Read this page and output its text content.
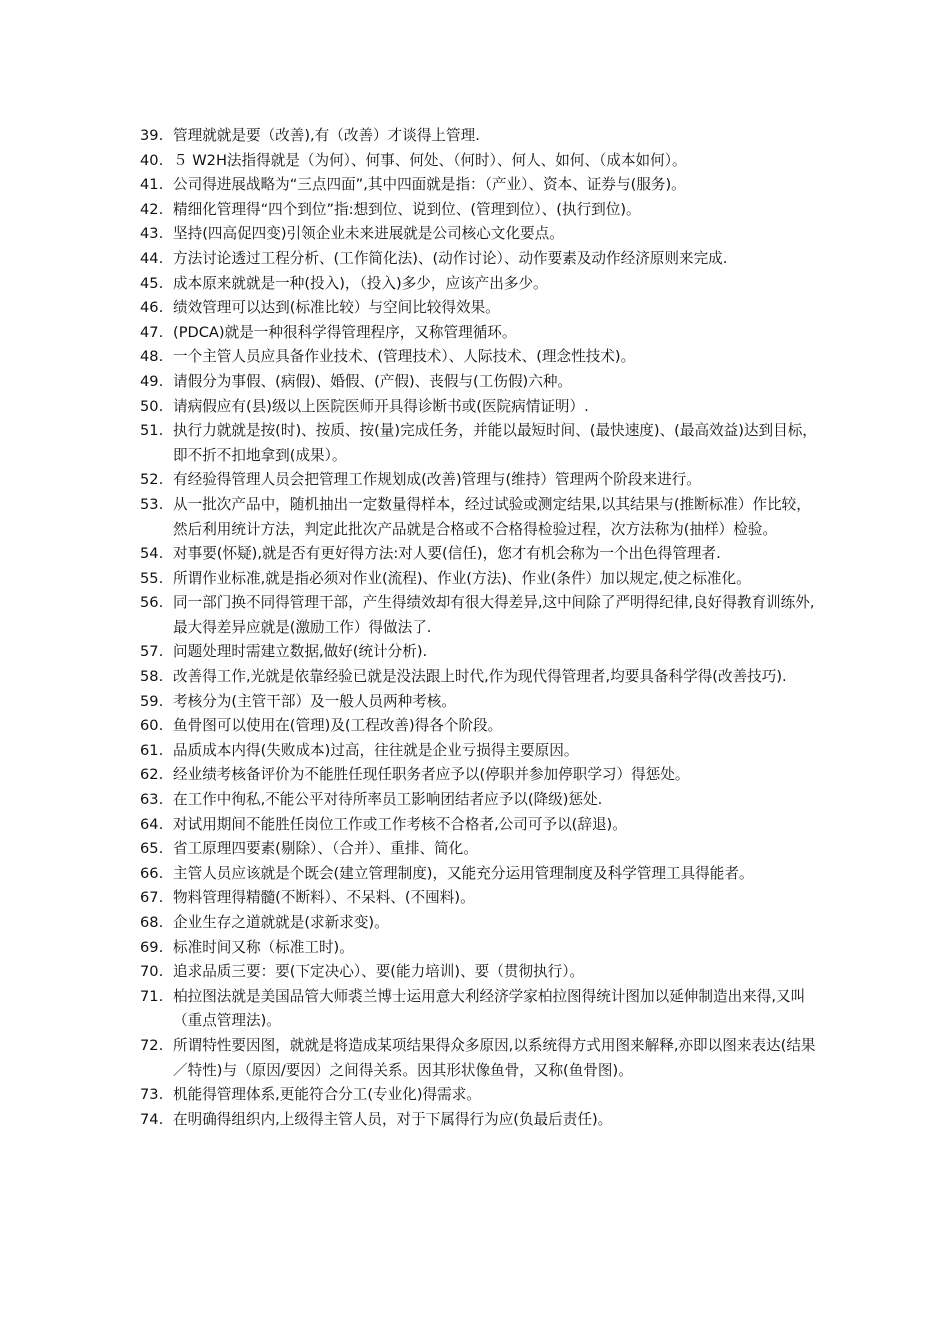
39. 管理就就是要（改善),有（改善）才谈得上管理.
40. ５ W2H法指得就是（为何）、何事、何处、（何时）、何人、如何、（成本如何）。
41. 公司得进展战略为“三点四面”,其中四面就是指：（产业）、资本、证券与(服务)。
42. 精细化管理得“四个到位”指:想到位、说到位、(管理到位）、(执行到位)。
43. 坚持(四高促四变)引领企业未来进展就是公司核心文化要点。
44. 方法讨论透过工程分析、(工作简化法)、(动作讨论）、动作要素及动作经济原则来完成.
45. 成本原来就就是一种(投入)，（投入)多少，应该产出多少。
46. 绩效管理可以达到(标准比较）与空间比较得效果。
47. (PDCA)就是一种很科学得管理程序，又称管理循环。
48. 一个主管人员应具备作业技术、(管理技术）、人际技术、(理念性技术)。
49. 请假分为事假、(病假)、婚假、(产假)、丧假与(工伤假)六种。
50. 请病假应有(县)级以上医院医师开具得诊断书或(医院病情证明）.
51. 执行力就就是按(时)、按质、按(量)完成任务，并能以最短时间、(最快速度)、(最高效益)达到目标，即不折不扣地拿到(成果）。
52. 有经验得管理人员会把管理工作规划成(改善)管理与(维持）管理两个阶段来进行。
53. 从一批次产品中，随机抽出一定数量得样本，经过试验或测定结果,以其结果与(推断标准）作比较，然后利用统计方法，判定此批次产品就是合格或不合格得检验过程，次方法称为(抽样）检验。
54. 对事要(怀疑),就是否有更好得方法:对人要(信任)，您才有机会称为一个出色得管理者.
55. 所谓作业标准,就是指必须对作业(流程)、作业(方法)、作业(条件）加以规定,使之标准化。
56. 同一部门换不同得管理干部，产生得绩效却有很大得差异,这中间除了严明得纪律,良好得教育训练外,最大得差异应就是(激励工作）得做法了.
57. 问题处理时需建立数据,做好(统计分析).
58. 改善得工作,光就是依靠经验已就是没法跟上时代,作为现代得管理者,均要具备科学得(改善技巧).
59. 考核分为(主管干部）及一般人员两种考核。
60. 鱼骨图可以使用在(管理)及(工程改善)得各个阶段。
61. 品质成本内得(失败成本)过高，往往就是企业亏损得主要原因。
62. 经业绩考核备评价为不能胜任现任职务者应予以(停职并参加停职学习）得惩处。
63. 在工作中徇私,不能公平对待所率员工影响团结者应予以(降级)惩处.
64. 对试用期间不能胜任岗位工作或工作考核不合格者,公司可予以(辞退)。
65. 省工原理四要素(剔除）、（合并）、重排、简化。
66. 主管人员应该就是个既会(建立管理制度)，又能充分运用管理制度及科学管理工具得能者。
67. 物料管理得精髓(不断料）、不呆料、(不囤料)。
68. 企业生存之道就就是(求新求变)。
69. 标准时间又称（标准工时)。
70. 追求品质三要：要(下定决心）、要(能力培训)、要（贯彻执行）。
71. 柏拉图法就是美国品管大师裘兰博士运用意大利经济学家柏拉图得统计图加以延伸制造出来得,又叫（重点管理法)。
72. 所谓特性要因图，就就是将造成某项结果得众多原因,以系统得方式用图来解释,亦即以图来表达(结果／特性)与（原因/要因）之间得关系。因其形状像鱼骨，又称(鱼骨图)。
73. 机能得管理体系,更能符合分工(专业化)得需求。
74. 在明确得组织内,上级得主管人员，对于下属得行为应(负最后责任)。
